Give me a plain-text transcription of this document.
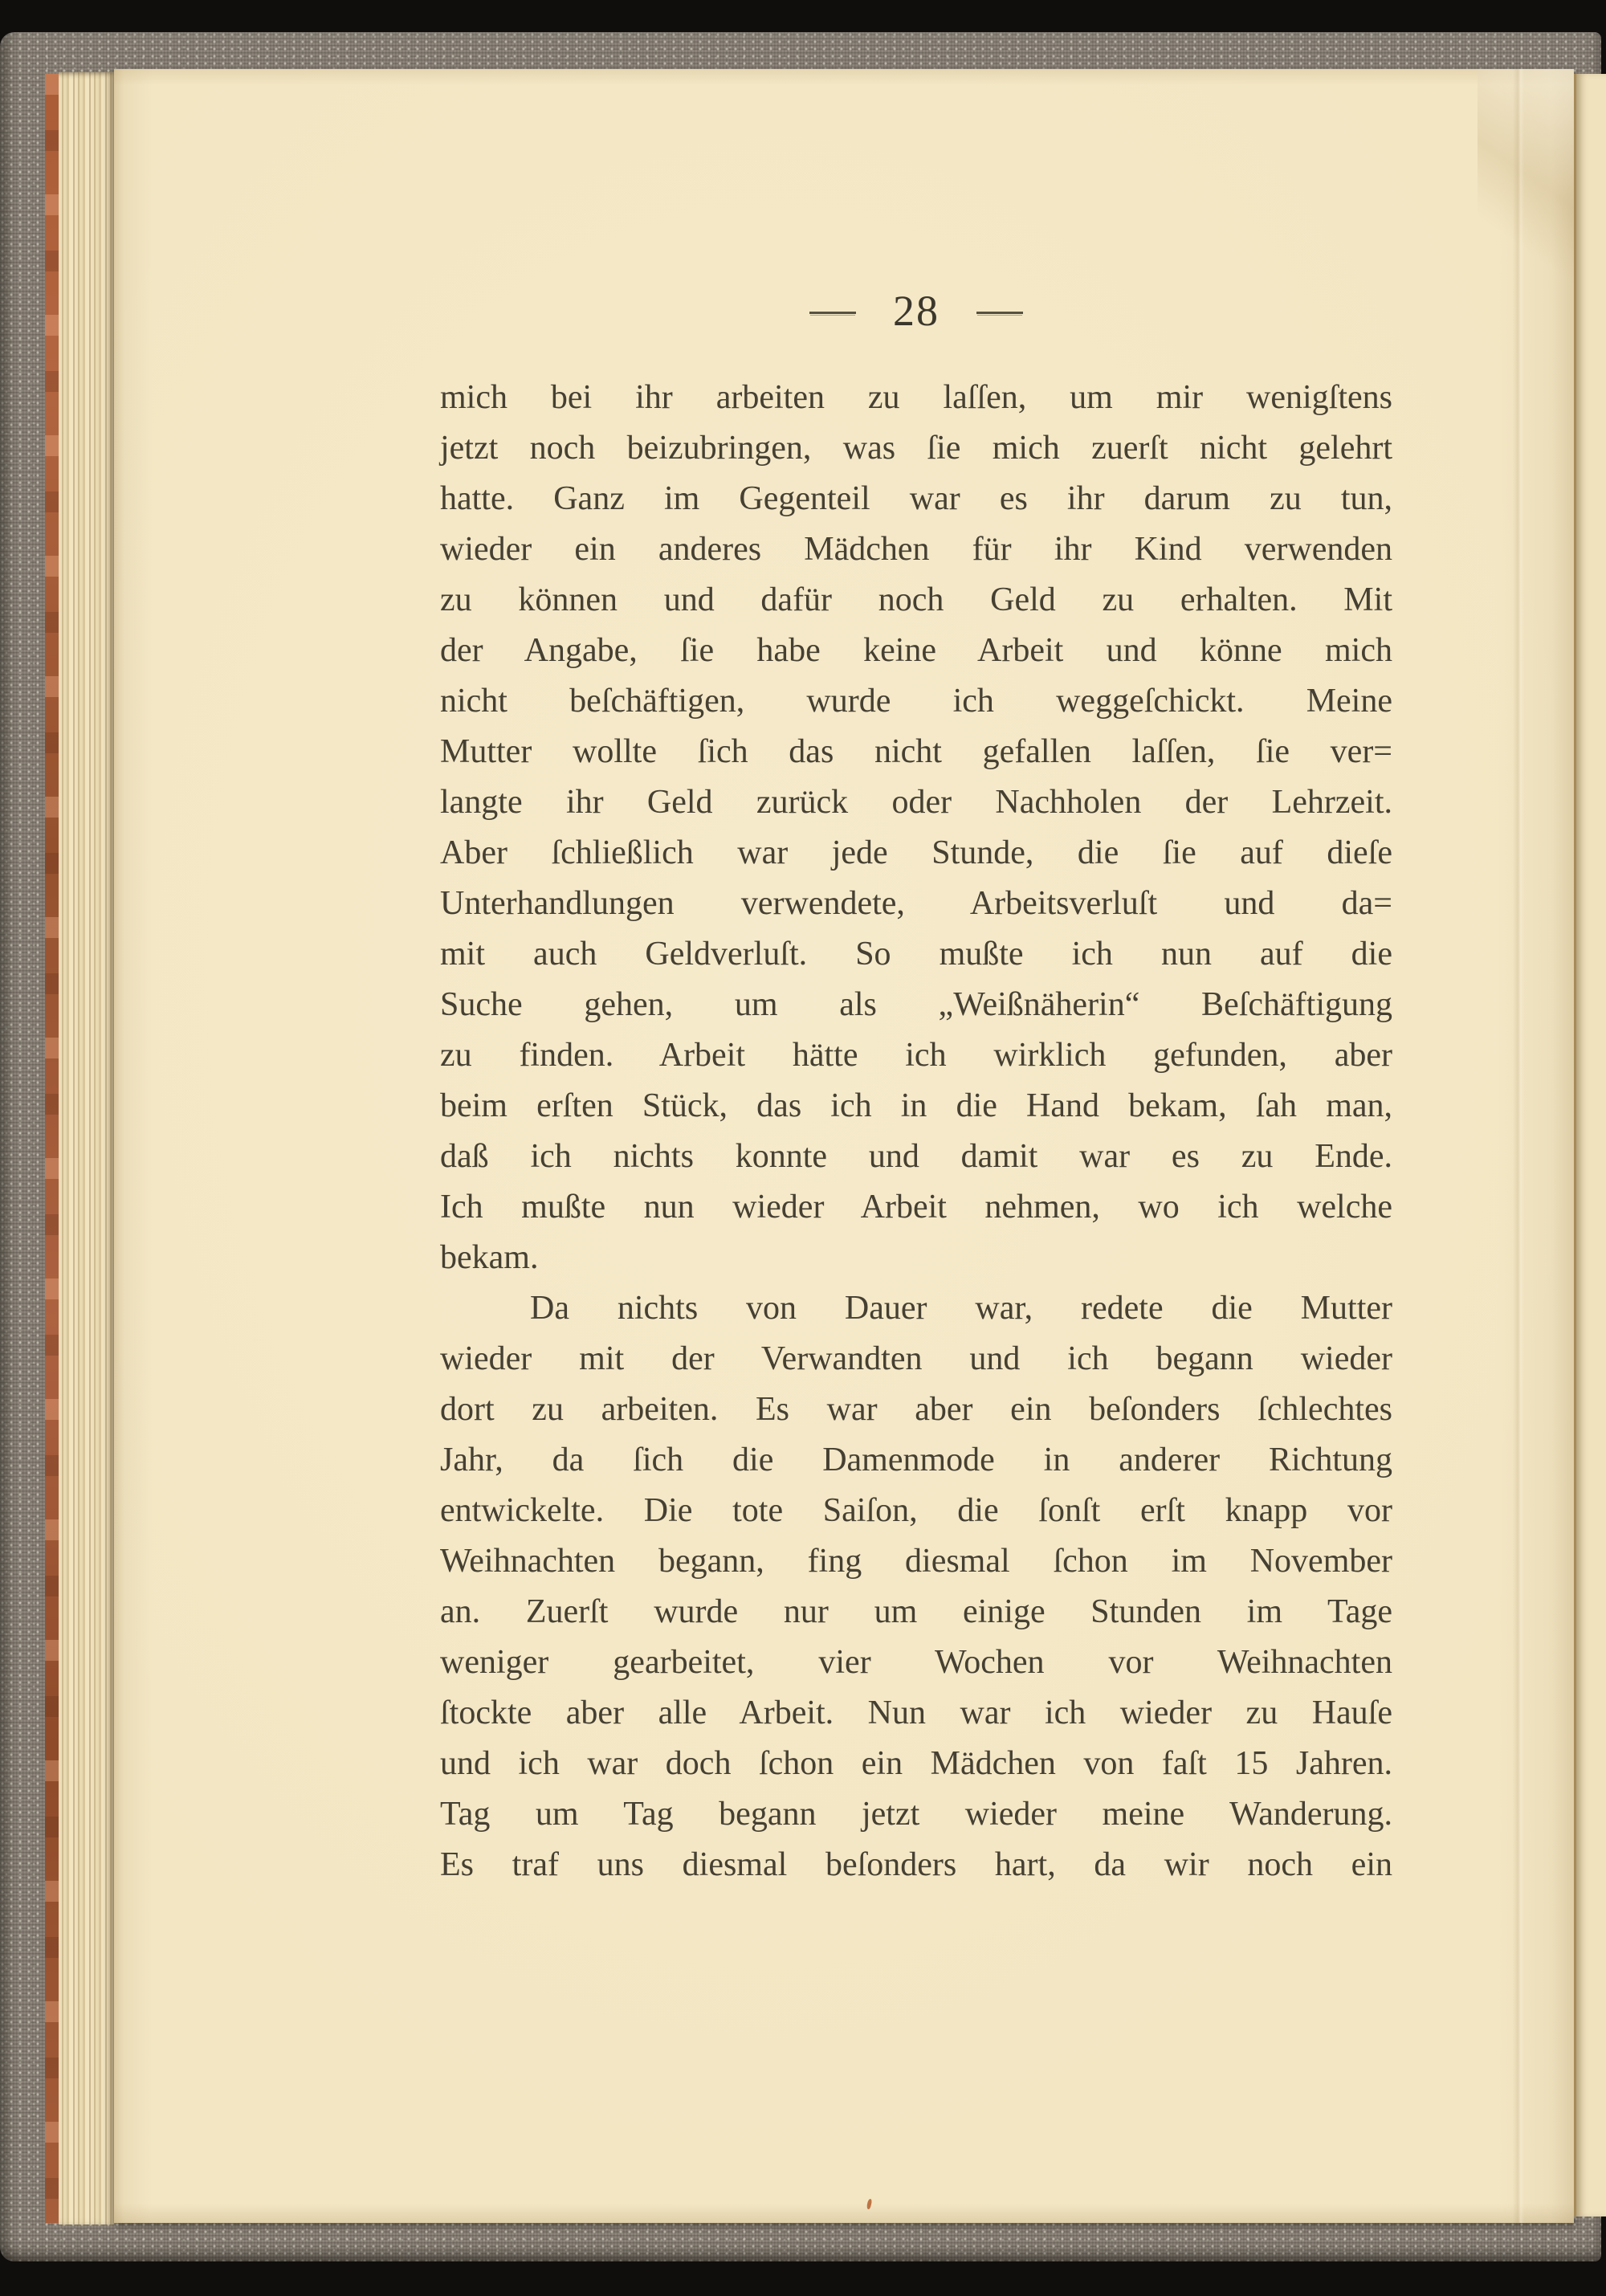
28
mich bei ihr arbeiten zu laſſen, um mir wenigſtens
jetzt noch beizubringen, was ſie mich zuerſt nicht gelehrt
hatte. Ganz im Gegenteil war es ihr darum zu tun,
wieder ein anderes Mädchen für ihr Kind verwenden
zu können und dafür noch Geld zu erhalten. Mit
der Angabe, ſie habe keine Arbeit und könne mich
nicht beſchäftigen, wurde ich weggeſchickt. Meine
Mutter wollte ſich das nicht gefallen laſſen, ſie ver=
langte ihr Geld zurück oder Nachholen der Lehrzeit.
Aber ſchließlich war jede Stunde, die ſie auf dieſe
Unterhandlungen verwendete, Arbeitsverluſt und da=
mit auch Geldverluſt. So mußte ich nun auf die
Suche gehen, um als „Weißnäherin“ Beſchäftigung
zu finden. Arbeit hätte ich wirklich gefunden, aber
beim erſten Stück, das ich in die Hand bekam, ſah man,
daß ich nichts konnte und damit war es zu Ende.
Ich mußte nun wieder Arbeit nehmen, wo ich welche
bekam.
Da nichts von Dauer war, redete die Mutter
wieder mit der Verwandten und ich begann wieder
dort zu arbeiten. Es war aber ein beſonders ſchlechtes
Jahr, da ſich die Damenmode in anderer Richtung
entwickelte. Die tote Saiſon, die ſonſt erſt knapp vor
Weihnachten begann, fing diesmal ſchon im November
an. Zuerſt wurde nur um einige Stunden im Tage
weniger gearbeitet, vier Wochen vor Weihnachten
ſtockte aber alle Arbeit. Nun war ich wieder zu Hauſe
und ich war doch ſchon ein Mädchen von faſt 15 Jahren.
Tag um Tag begann jetzt wieder meine Wanderung.
Es traf uns diesmal beſonders hart, da wir noch ein
